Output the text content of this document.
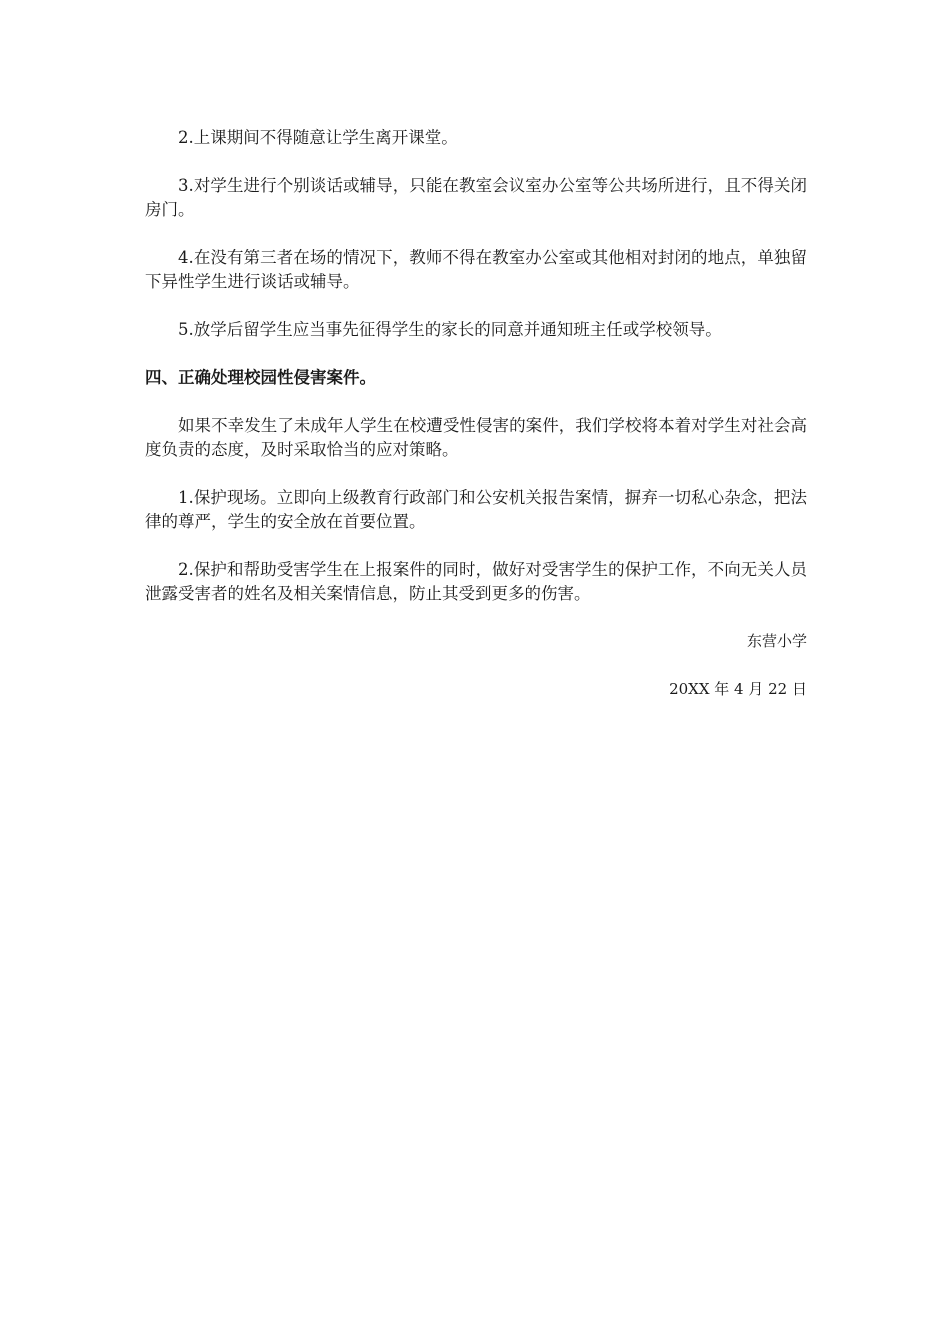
2.上课期间不得随意让学生离开课堂。

3.对学生进行个别谈话或辅导，只能在教室会议室办公室等公共场所进行，且不得关闭房门。

4.在没有第三者在场的情况下，教师不得在教室办公室或其他相对封闭的地点，单独留下异性学生进行谈话或辅导。

5.放学后留学生应当事先征得学生的家长的同意并通知班主任或学校领导。

四、正确处理校园性侵害案件。

如果不幸发生了未成年人学生在校遭受性侵害的案件，我们学校将本着对学生对社会高度负责的态度，及时采取恰当的应对策略。

1.保护现场。立即向上级教育行政部门和公安机关报告案情，摒弃一切私心杂念，把法律的尊严，学生的安全放在首要位置。

2.保护和帮助受害学生在上报案件的同时，做好对受害学生的保护工作，不向无关人员泄露受害者的姓名及相关案情信息，防止其受到更多的伤害。

东营小学

20XX 年 4 月 22 日
